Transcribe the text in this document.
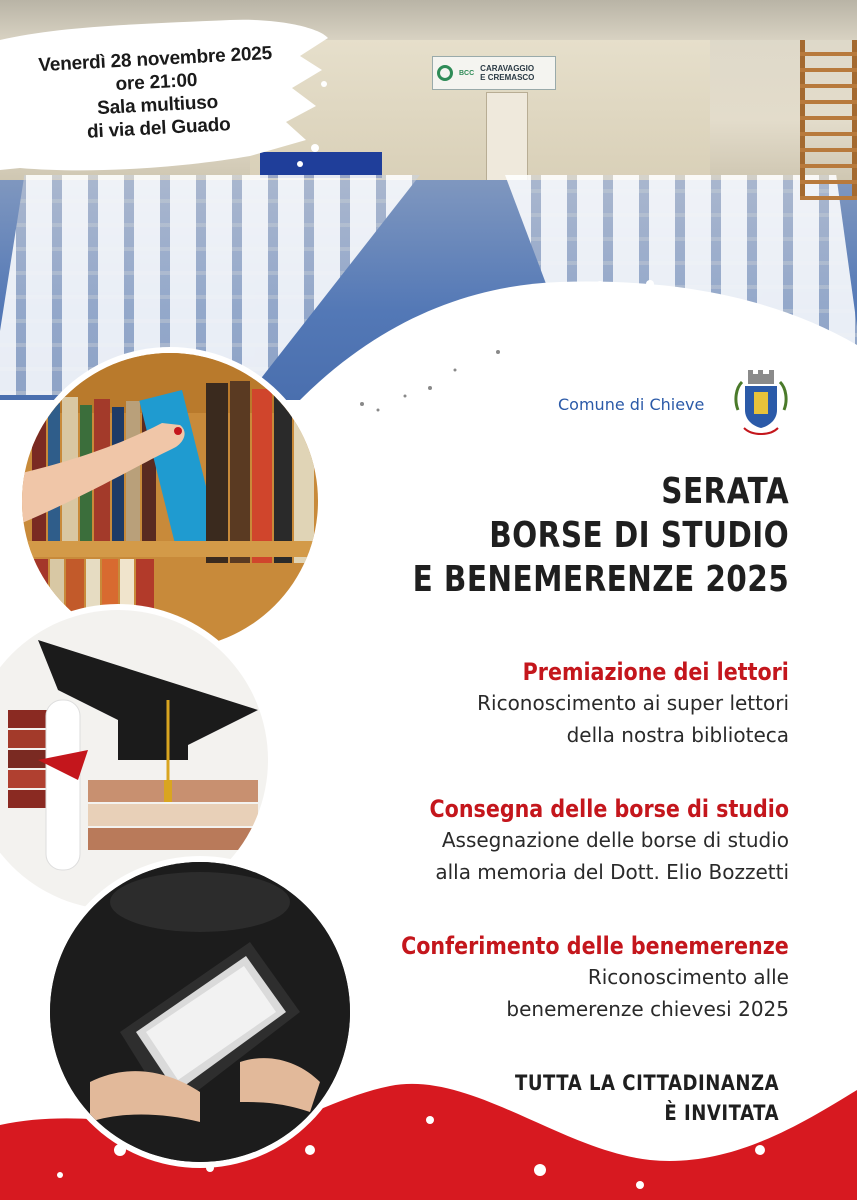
BCC CARAVAGGIO
E CREMASCO
Venerdì 28 novembre 2025
ore 21:00
Sala multiuso
di via del Guado
Comune di Chieve
SERATA
BORSE DI STUDIO
E BENEMERENZE 2025
Premiazione dei lettori
Riconoscimento ai super lettori
della nostra biblioteca
Consegna delle borse di studio
Assegnazione delle borse di studio
alla memoria del Dott. Elio Bozzetti
Conferimento delle benemerenze
Riconoscimento alle
benemerenze chievesi 2025
TUTTA LA CITTADINANZA
È INVITATA
